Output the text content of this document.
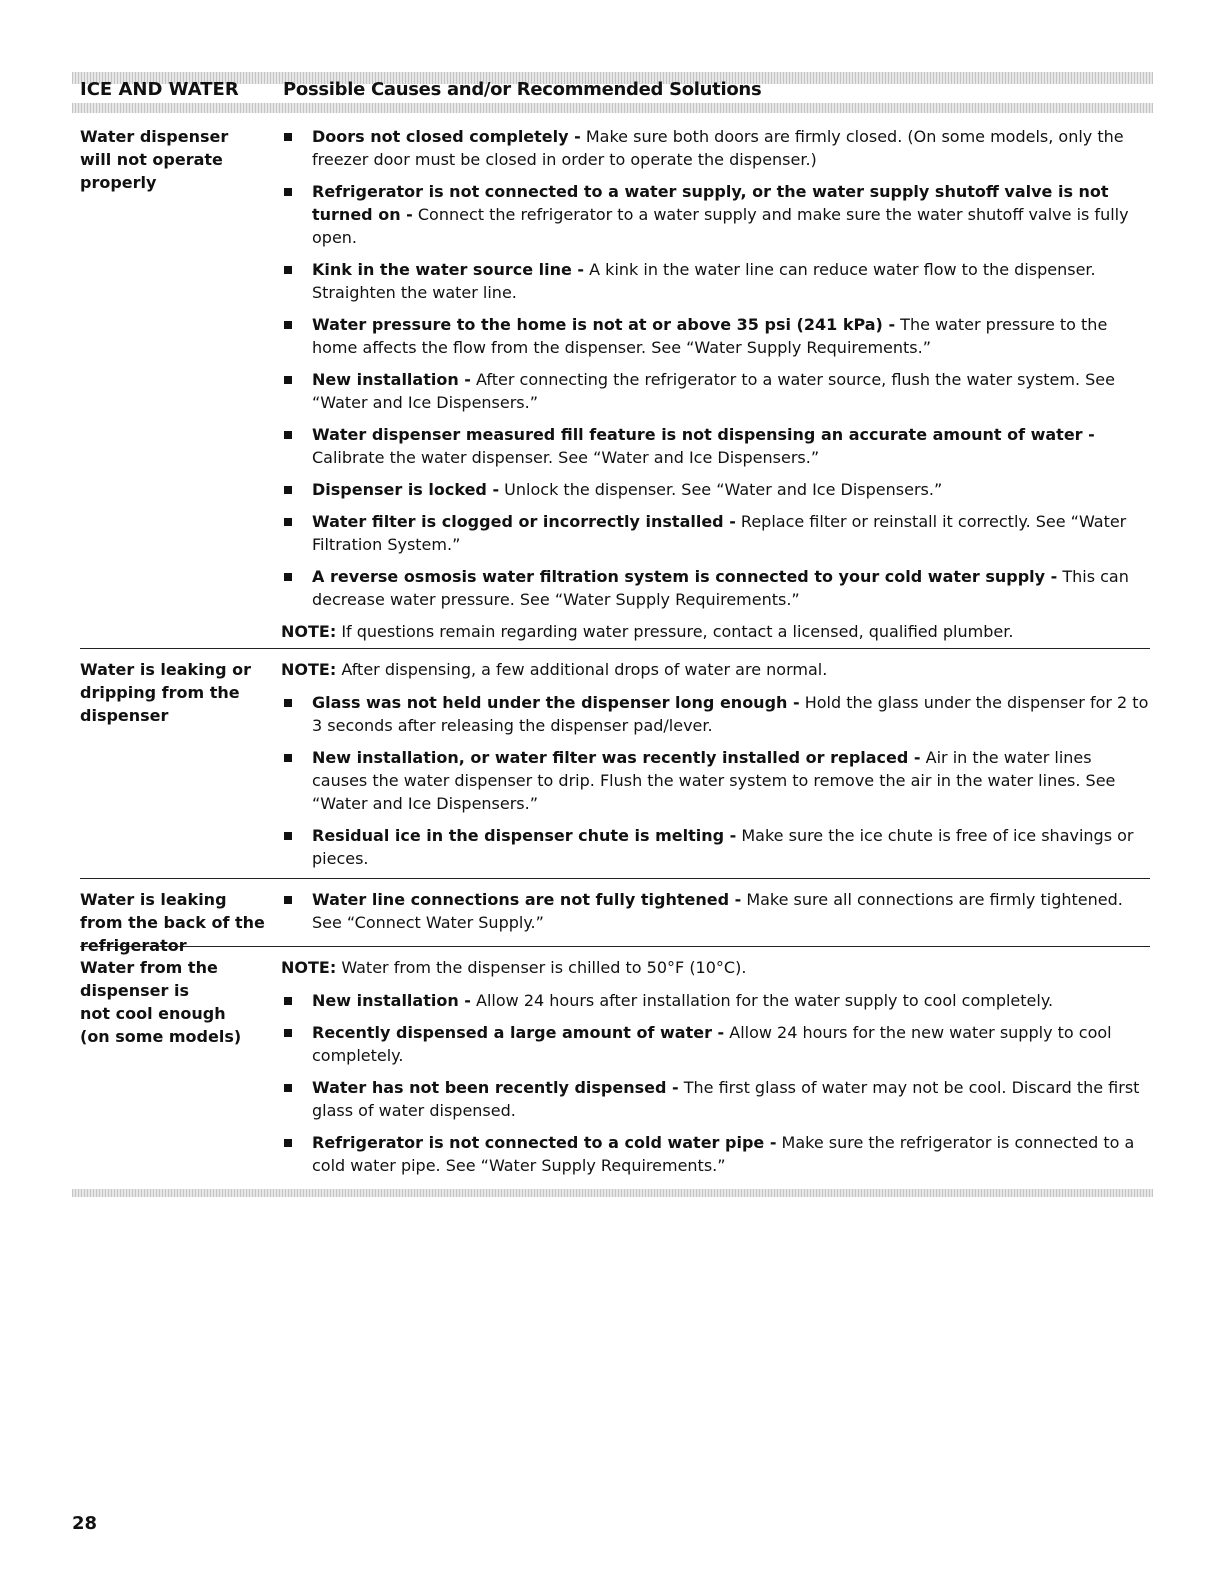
ICE AND WATER Possible Causes and/or Recommended Solutions
Water dispenser
will not operate
properly
Doors not closed completely - Make sure both doors are firmly closed. (On some models, only the freezer door must be closed in order to operate the dispenser.)
Refrigerator is not connected to a water supply, or the water supply shutoff valve is not turned on - Connect the refrigerator to a water supply and make sure the water shutoff valve is fully open.
Kink in the water source line - A kink in the water line can reduce water flow to the dispenser. Straighten the water line.
Water pressure to the home is not at or above 35 psi (241 kPa) - The water pressure to the home affects the flow from the dispenser. See “Water Supply Requirements.”
New installation - After connecting the refrigerator to a water source, flush the water system. See “Water and Ice Dispensers.”
Water dispenser measured fill feature is not dispensing an accurate amount of water - Calibrate the water dispenser. See “Water and Ice Dispensers.”
Dispenser is locked - Unlock the dispenser. See “Water and Ice Dispensers.”
Water filter is clogged or incorrectly installed - Replace filter or reinstall it correctly. See “Water Filtration System.”
A reverse osmosis water filtration system is connected to your cold water supply - This can decrease water pressure. See “Water Supply Requirements.”
NOTE: If questions remain regarding water pressure, contact a licensed, qualified plumber.
Water is leaking or
dripping from the
dispenser
NOTE: After dispensing, a few additional drops of water are normal.
Glass was not held under the dispenser long enough - Hold the glass under the dispenser for 2 to 3 seconds after releasing the dispenser pad/lever.
New installation, or water filter was recently installed or replaced - Air in the water lines causes the water dispenser to drip. Flush the water system to remove the air in the water lines. See “Water and Ice Dispensers.”
Residual ice in the dispenser chute is melting - Make sure the ice chute is free of ice shavings or pieces.
Water is leaking
from the back of the
refrigerator
Water line connections are not fully tightened - Make sure all connections are firmly tightened. See “Connect Water Supply.”
Water from the
dispenser is
not cool enough
(on some models)
NOTE: Water from the dispenser is chilled to 50°F (10°C).
New installation - Allow 24 hours after installation for the water supply to cool completely.
Recently dispensed a large amount of water - Allow 24 hours for the new water supply to cool completely.
Water has not been recently dispensed - The first glass of water may not be cool. Discard the first glass of water dispensed.
Refrigerator is not connected to a cold water pipe - Make sure the refrigerator is connected to a cold water pipe. See “Water Supply Requirements.”
28
